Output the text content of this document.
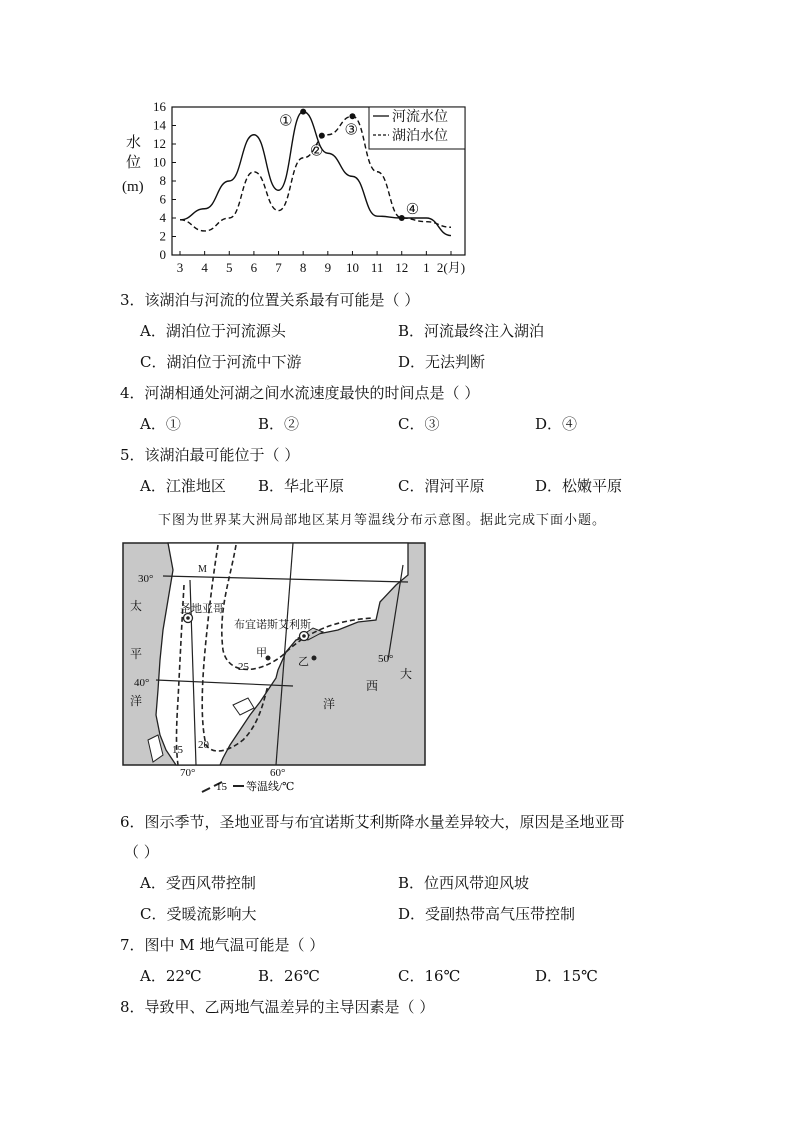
0
2
4
6
8
10
12
14
16
3 4 5 6 7 8 9 10 11 12 1 2(月)
水
位
(m)
①
②
③
④
河流水位
湖泊水位
3．该湖泊与河流的位置关系最有可能是（ ）
A．湖泊位于河流源头	B．河流最终注入湖泊
C．湖泊位于河流中下游	D．无法判断
4．河湖相通处河湖之间水流速度最快的时间点是（ ）
A．①	B．②	C．③	D．④
5．该湖泊最可能位于（ ）
A．江淮地区 B．华北平原	C．渭河平原	D．松嫩平原
下图为世界某大洲局部地区某月等温线分布示意图。据此完成下面小题。
30°
40°
70°	60°
50°
M
圣地亚哥
布宜诺斯艾利斯
甲
乙
25
20
15
太
平
洋
大
西
洋
15 等温线/℃
6．图示季节，圣地亚哥与布宜诺斯艾利斯降水量差异较大，原因是圣地亚哥
（ ）
A．受西风带控制	B．位西风带迎风坡
C．受暖流影响大	D．受副热带高气压带控制
7．图中 M 地气温可能是（ ）
A．22℃	B．26℃	C．16℃	D．15℃
8．导致甲、乙两地气温差异的主导因素是（ ）
